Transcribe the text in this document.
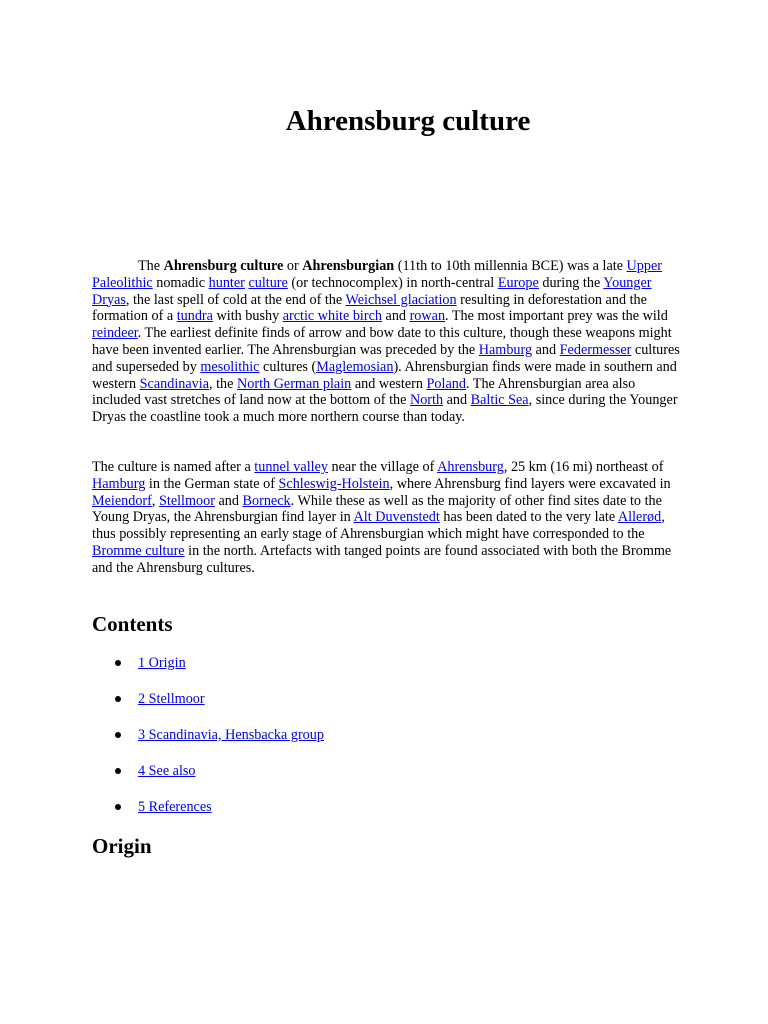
Ahrensburg culture

The Ahrensburg culture or Ahrensburgian (11th to 10th millennia BCE) was a late Upper Paleolithic nomadic hunter culture (or technocomplex) in north-central Europe during the Younger Dryas, the last spell of cold at the end of the Weichsel glaciation resulting in deforestation and the formation of a tundra with bushy arctic white birch and rowan. The most important prey was the wild reindeer. The earliest definite finds of arrow and bow date to this culture, though these weapons might have been invented earlier. The Ahrensburgian was preceded by the Hamburg and Federmesser cultures and superseded by mesolithic cultures (Maglemosian). Ahrensburgian finds were made in southern and western Scandinavia, the North German plain and western Poland. The Ahrensburgian area also included vast stretches of land now at the bottom of the North and Baltic Sea, since during the Younger Dryas the coastline took a much more northern course than today.

The culture is named after a tunnel valley near the village of Ahrensburg, 25 km (16 mi) northeast of Hamburg in the German state of Schleswig-Holstein, where Ahrensburg find layers were excavated in Meiendorf, Stellmoor and Borneck. While these as well as the majority of other find sites date to the Young Dryas, the Ahrensburgian find layer in Alt Duvenstedt has been dated to the very late Allerød, thus possibly representing an early stage of Ahrensburgian which might have corresponded to the Bromme culture in the north. Artefacts with tanged points are found associated with both the Bromme and the Ahrensburg cultures.

Contents
1 Origin
2 Stellmoor
3 Scandinavia, Hensbacka group
4 See also
5 References
Origin
